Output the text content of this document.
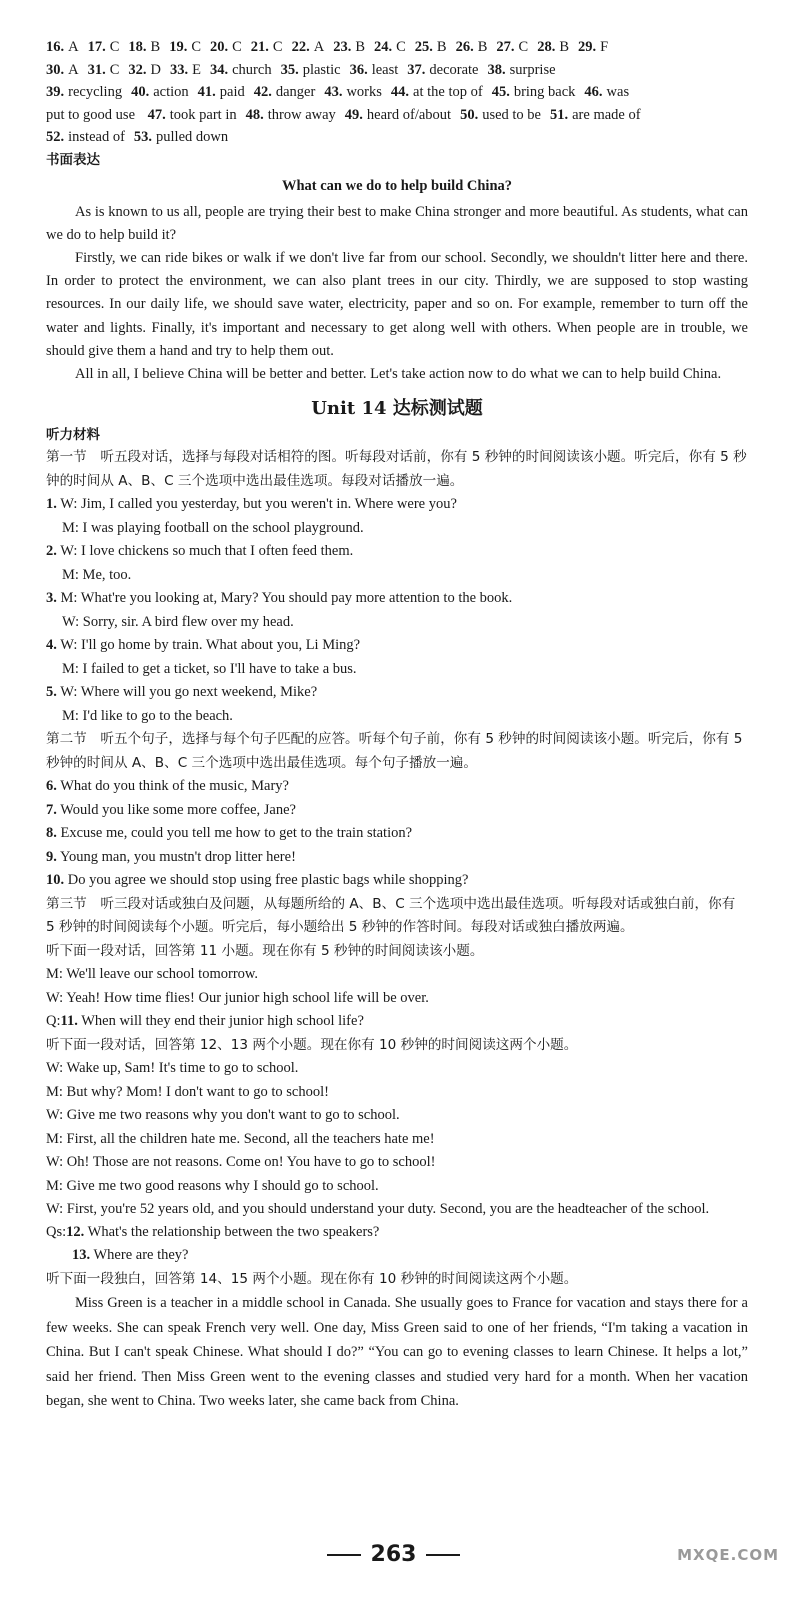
16. A 17. C 18. B 19. C 20. C 21. C 22. A 23. B 24. C 25. B 26. B 27. C 28. B 29. F
30. A 31. C 32. D 33. E 34. church 35. plastic 36. least 37. decorate 38. surprise
39. recycling 40. action 41. paid 42. danger 43. works 44. at the top of 45. bring back 46. was
put to good use 47. took part in 48. throw away 49. heard of/about 50. used to be 51. are made of
52. instead of 53. pulled down
书面表达
What can we do to help build China?
As is known to us all, people are trying their best to make China stronger and more beautiful. As students, what can we do to help build it?
Firstly, we can ride bikes or walk if we don't live far from our school. Secondly, we shouldn't litter here and there. In order to protect the environment, we can also plant trees in our city. Thirdly, we are supposed to stop wasting resources. In our daily life, we should save water, electricity, paper and so on. For example, remember to turn off the water and lights. Finally, it's important and necessary to get along well with others. When people are in trouble, we should give them a hand and try to help them out.
All in all, I believe China will be better and better. Let's take action now to do what we can to help build China.
Unit 14 达标测试题
听力材料
第一节　听五段对话，选择与每段对话相符的图。听每段对话前，你有 5 秒钟的时间阅读该小题。听完后，你有 5 秒钟的时间从 A、B、C 三个选项中选出最佳选项。每段对话播放一遍。
1. W: Jim, I called you yesterday, but you weren't in. Where were you?
M: I was playing football on the school playground.
2. W: I love chickens so much that I often feed them.
M: Me, too.
3. M: What're you looking at, Mary? You should pay more attention to the book.
W: Sorry, sir. A bird flew over my head.
4. W: I'll go home by train. What about you, Li Ming?
M: I failed to get a ticket, so I'll have to take a bus.
5. W: Where will you go next weekend, Mike?
M: I'd like to go to the beach.
第二节　听五个句子，选择与每个句子匹配的应答。听每个句子前，你有 5 秒钟的时间阅读该小题。听完后，你有 5 秒钟的时间从 A、B、C 三个选项中选出最佳选项。每个句子播放一遍。
6. What do you think of the music, Mary?
7. Would you like some more coffee, Jane?
8. Excuse me, could you tell me how to get to the train station?
9. Young man, you mustn't drop litter here!
10. Do you agree we should stop using free plastic bags while shopping?
第三节　听三段对话或独白及问题，从每题所给的 A、B、C 三个选项中选出最佳选项。听每段对话或独白前，你有 5 秒钟的时间阅读每个小题。听完后，每小题给出 5 秒钟的作答时间。每段对话或独白播放两遍。
听下面一段对话，回答第 11 小题。现在你有 5 秒钟的时间阅读该小题。
M: We'll leave our school tomorrow.
W: Yeah! How time flies! Our junior high school life will be over.
Q:11. When will they end their junior high school life?
听下面一段对话，回答第 12、13 两个小题。现在你有 10 秒钟的时间阅读这两个小题。
W: Wake up, Sam! It's time to go to school.
M: But why? Mom! I don't want to go to school!
W: Give me two reasons why you don't want to go to school.
M: First, all the children hate me. Second, all the teachers hate me!
W: Oh! Those are not reasons. Come on! You have to go to school!
M: Give me two good reasons why I should go to school.
W: First, you're 52 years old, and you should understand your duty. Second, you are the headteacher of the school.
Qs:12. What's the relationship between the two speakers?
13. Where are they?
听下面一段独白，回答第 14、15 两个小题。现在你有 10 秒钟的时间阅读这两个小题。
Miss Green is a teacher in a middle school in Canada. She usually goes to France for vacation and stays there for a few weeks. She can speak French very well. One day, Miss Green said to one of her friends, “I'm taking a vacation in China. But I can't speak Chinese. What should I do?” “You can go to evening classes to learn Chinese. It helps a lot,” said her friend. Then Miss Green went to the evening classes and studied very hard for a month. When her vacation began, she went to China. Two weeks later, she came back from China.
263	MXQE.COM
